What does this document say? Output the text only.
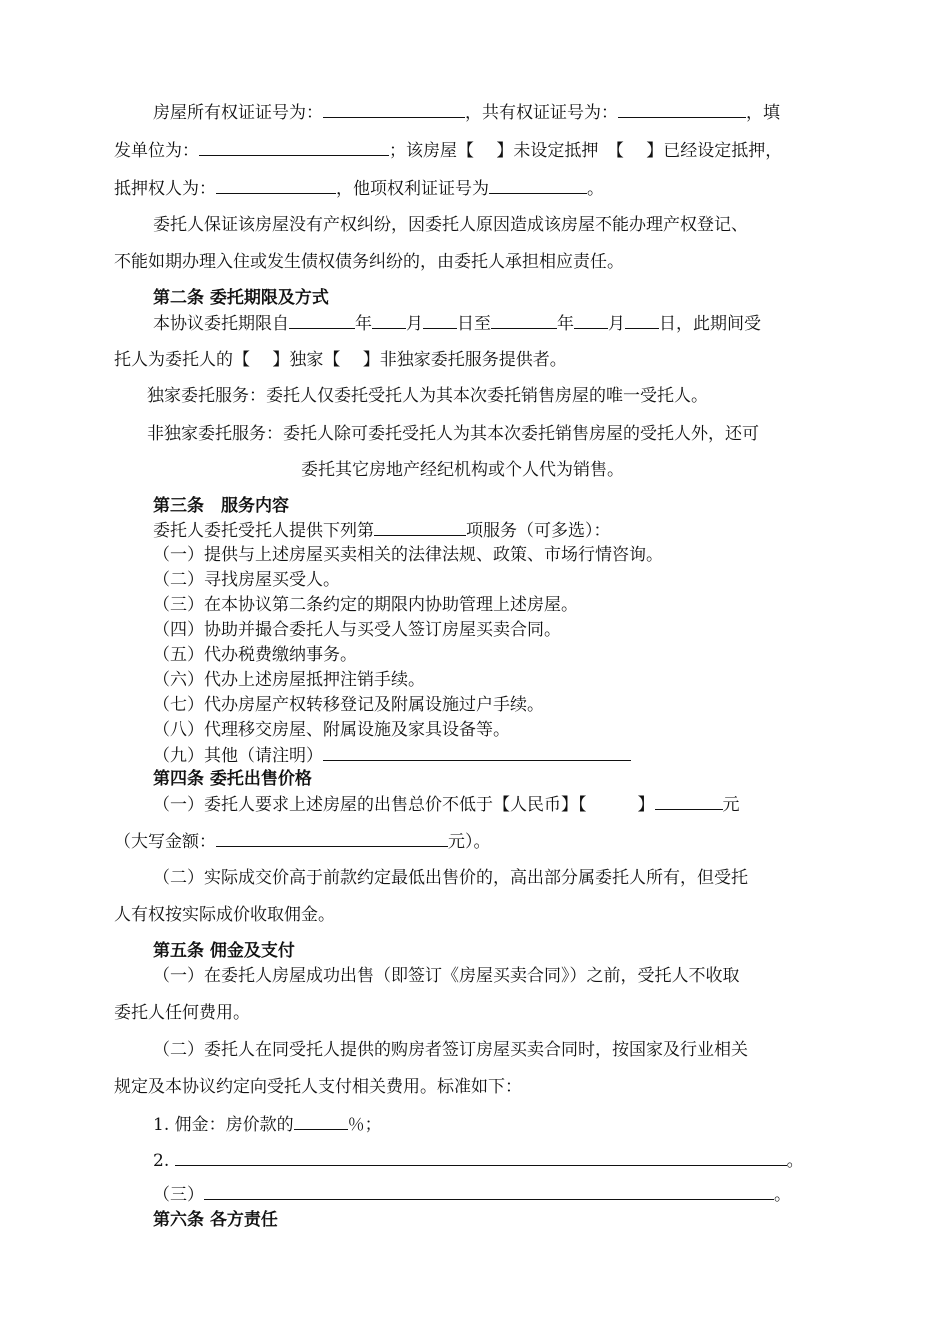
房屋所有权证证号为：	，共有权证证号为：	，填
发单位为：	；该房屋【　 】未设定抵押　【　 】已经设定抵押，
抵押权人为：	，他项权利证证号为	。
委托人保证该房屋没有产权纠纷，因委托人原因造成该房屋不能办理产权登记、
不能如期办理入住或发生债权债务纠纷的，由委托人承担相应责任。
第二条 委托期限及方式
本协议委托期限自	年 月 日至	年 月 日，此期间受
托人为委托人的【　 】独家【　 】非独家委托服务提供者。
独家委托服务：委托人仅委托受托人为其本次委托销售房屋的唯一受托人。
非独家委托服务：委托人除可委托受托人为其本次委托销售房屋的受托人外，还可
委托其它房地产经纪机构或个人代为销售。
第三条　服务内容
委托人委托受托人提供下列第	项服务（可多选）：
（一）提供与上述房屋买卖相关的法律法规、政策、市场行情咨询。
（二）寻找房屋买受人。
（三）在本协议第二条约定的期限内协助管理上述房屋。
（四）协助并撮合委托人与买受人签订房屋买卖合同。
（五）代办税费缴纳事务。
（六）代办上述房屋抵押注销手续。
（七）代办房屋产权转移登记及附属设施过户手续。
（八）代理移交房屋、附属设施及家具设备等。
（九）其他（请注明）
第四条 委托出售价格
（一）委托人要求上述房屋的出售总价不低于【人民币】【　　　】	元
（大写金额：	元）。
（二）实际成交价高于前款约定最低出售价的，高出部分属委托人所有，但受托
人有权按实际成价收取佣金。
第五条 佣金及支付
（一）在委托人房屋成功出售（即签订《房屋买卖合同》）之前，受托人不收取
委托人任何费用。
（二）委托人在同受托人提供的购房者签订房屋买卖合同时，按国家及行业相关
规定及本协议约定向受托人支付相关费用。标准如下：
1. 佣金：房价款的	％；
2.	。
（三）	。
第六条 各方责任
